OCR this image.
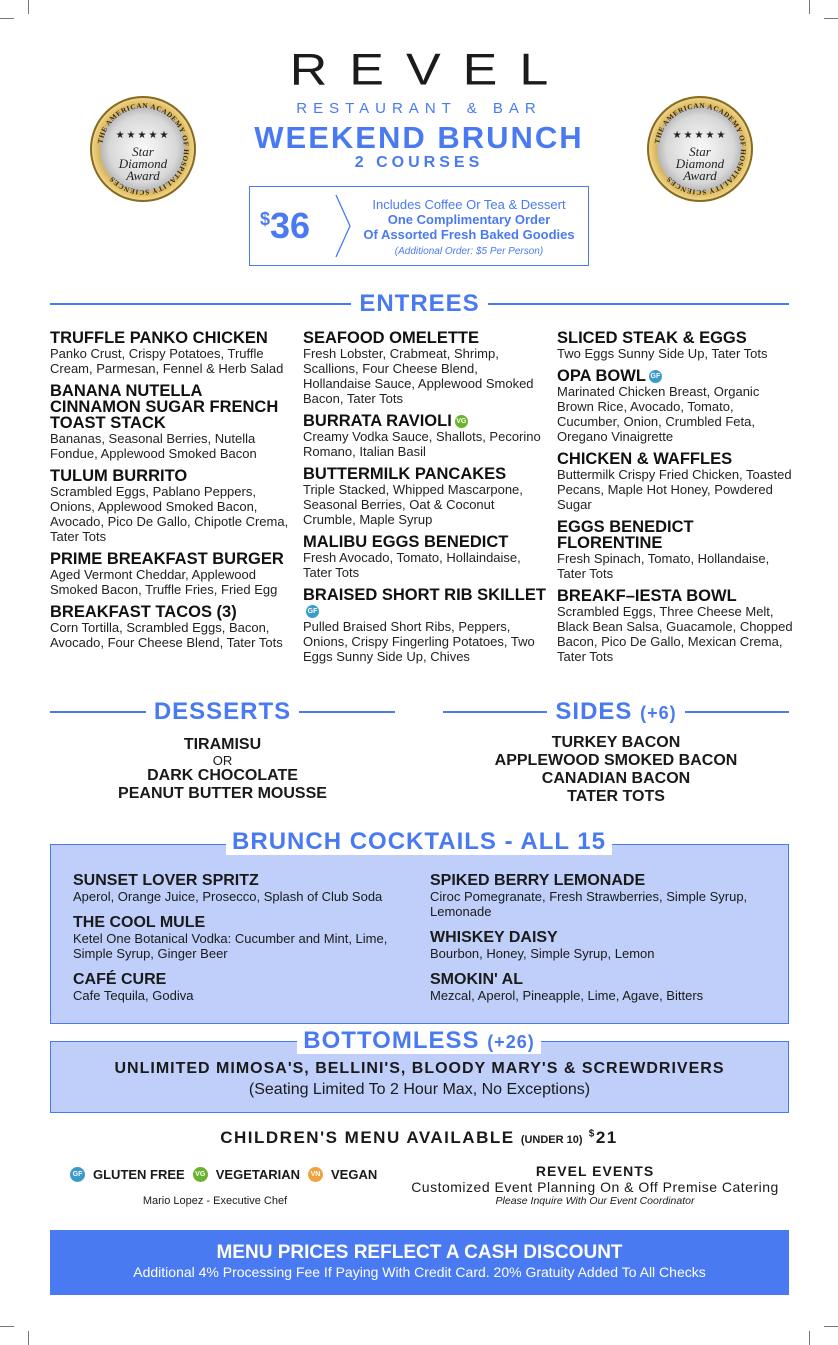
REVEL
RESTAURANT & BAR
WEEKEND BRUNCH
2 COURSES
THE AMERICAN ACADEMY OF HOSPITALITY SCIENCES
★★★★★
Star
Diamond
Award
THE AMERICAN ACADEMY OF HOSPITALITY SCIENCES
★★★★★
Star
Diamond
Award
$36
Includes Coffee Or Tea & Dessert
One Complimentary Order
Of Assorted Fresh Baked Goodies
(Additional Order: $5 Per Person)
ENTREES
TRUFFLE PANKO CHICKEN

Panko Crust, Crispy Potatoes, Truffle Cream, Parmesan, Fennel & Herb Salad

BANANA NUTELLA CINNAMON SUGAR FRENCH TOAST STACK

Bananas, Seasonal Berries, Nutella Fondue, Applewood Smoked Bacon

TULUM BURRITO

Scrambled Eggs, Pablano Peppers, Onions, Applewood Smoked Bacon, Avocado, Pico De Gallo, Chipotle Crema, Tater Tots

PRIME BREAKFAST BURGER

Aged Vermont Cheddar, Applewood Smoked Bacon, Truffle Fries, Fried Egg

BREAKFAST TACOS (3)

Corn Tortilla, Scrambled Eggs, Bacon, Avocado, Four Cheese Blend, Tater Tots

SEAFOOD OMELETTE

Fresh Lobster, Crabmeat, Shrimp, Scallions, Four Cheese Blend, Hollandaise Sauce, Applewood Smoked Bacon, Tater Tots

BURRATA RAVIOLI VG

Creamy Vodka Sauce, Shallots, Pecorino Romano, Italian Basil

BUTTERMILK PANCAKES

Triple Stacked, Whipped Mascarpone, Seasonal Berries, Oat & Coconut Crumble, Maple Syrup

MALIBU EGGS BENEDICT

Fresh Avocado, Tomato, Hollaindaise, Tater Tots

BRAISED SHORT RIB SKILLETGF

Pulled Braised Short Ribs, Peppers, Onions, Crispy Fingerling Potatoes, Two Eggs Sunny Side Up, Chives

SLICED STEAK & EGGS

Two Eggs Sunny Side Up, Tater Tots

OPA BOWL GF

Marinated Chicken Breast, Organic Brown Rice, Avocado, Tomato, Cucumber, Onion, Crumbled Feta, Oregano Vinaigrette

CHICKEN & WAFFLES

Buttermilk Crispy Fried Chicken, Toasted Pecans, Maple Hot Honey, Powdered Sugar

EGGS BENEDICT FLORENTINE

Fresh Spinach, Tomato, Hollandaise, Tater Tots

BREAKF–IESTA BOWL

Scrambled Eggs, Three Cheese Melt, Black Bean Salsa, Guacamole, Chopped Bacon, Pico De Gallo, Mexican Crema, Tater Tots

DESSERTS
TIRAMISU
OR
DARK CHOCOLATE
PEANUT BUTTER MOUSSE
SIDES (+6)
TURKEY BACON
APPLEWOOD SMOKED BACON
CANADIAN BACON
TATER TOTS
BRUNCH COCKTAILS - ALL 15
SUNSET LOVER SPRITZ

Aperol, Orange Juice, Prosecco, Splash of Club Soda

THE COOL MULE

Ketel One Botanical Vodka: Cucumber and Mint, Lime, Simple Syrup, Ginger Beer

CAFÉ CURE

Cafe Tequila, Godiva

SPIKED BERRY LEMONADE

Ciroc Pomegranate, Fresh Strawberries, Simple Syrup, Lemonade

WHISKEY DAISY

Bourbon, Honey, Simple Syrup, Lemon

SMOKIN' AL

Mezcal, Aperol, Pineapple, Lime, Agave, Bitters

BOTTOMLESS (+26)
UNLIMITED MIMOSA'S, BELLINI'S, BLOODY MARY'S & SCREWDRIVERS
(Seating Limited To 2 Hour Max, No Exceptions)
CHILDREN'S MENU AVAILABLE (UNDER 10) $21
GF GLUTEN FREE	VG VEGETARIAN	VN VEGAN
Mario Lopez - Executive Chef
REVEL EVENTS
Customized Event Planning On & Off Premise Catering
Please Inquire With Our Event Coordinator
MENU PRICES REFLECT A CASH DISCOUNT
Additional 4% Processing Fee If Paying With Credit Card. 20% Gratuity Added To All Checks
